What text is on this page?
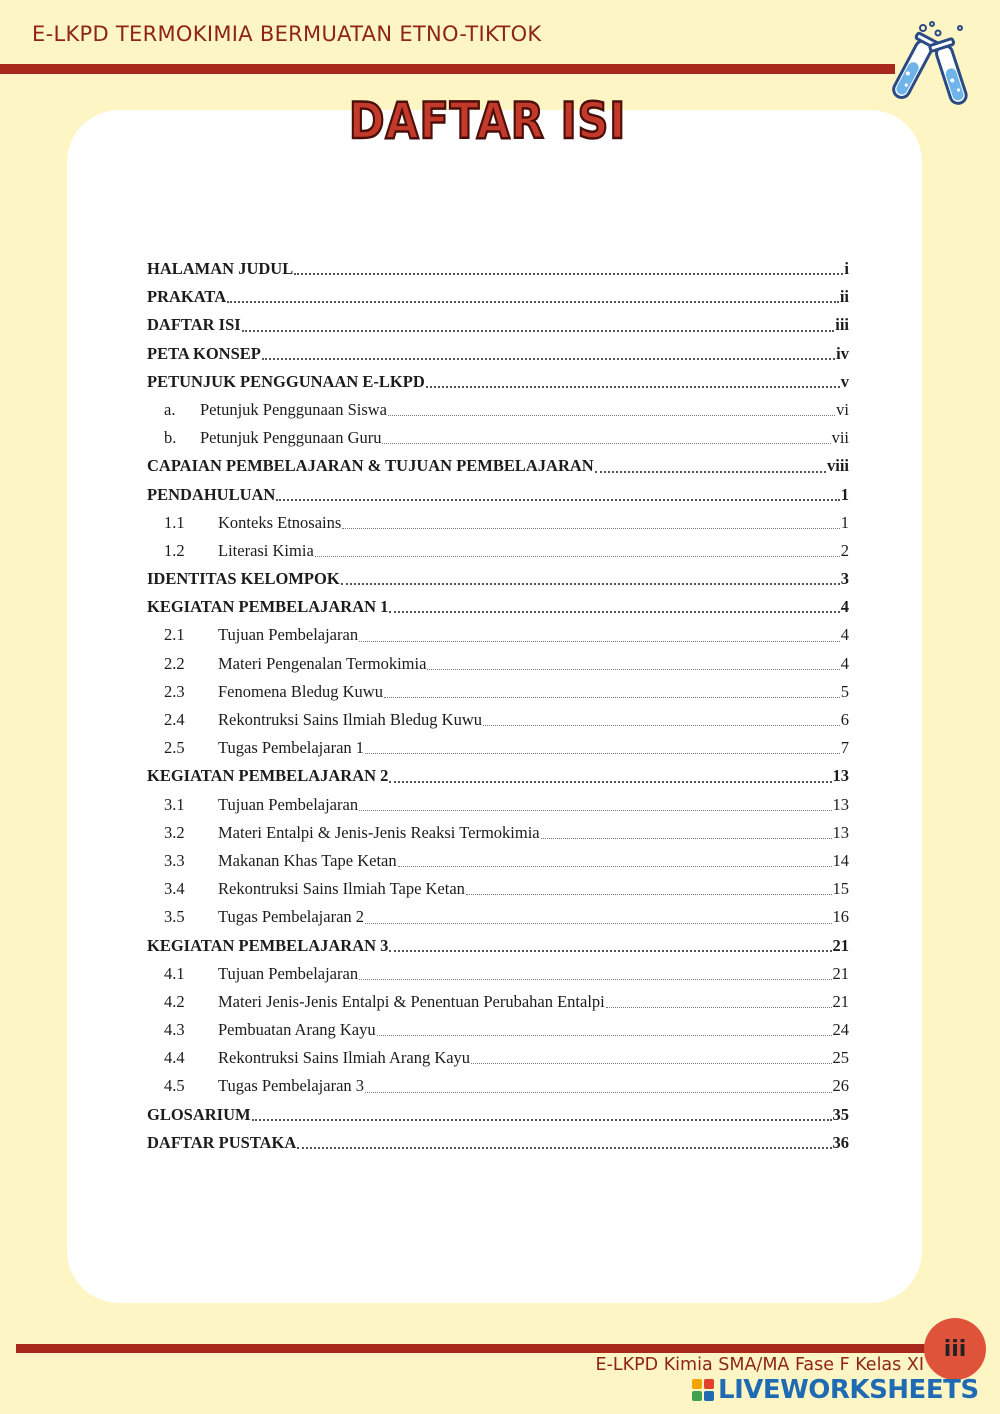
E-LKPD TERMOKIMIA BERMUATAN ETNO-TIKTOK
DAFTAR ISI
HALAMAN JUDUL	i
PRAKATA	ii
DAFTAR ISI	iii
PETA KONSEP	iv
PETUNJUK PENGGUNAAN E-LKPD	v
a.	Petunjuk Penggunaan Siswa	vi
b.	Petunjuk Penggunaan Guru	vii
CAPAIAN PEMBELAJARAN & TUJUAN PEMBELAJARAN	viii
PENDAHULUAN	1
1.1	Konteks Etnosains	1
1.2	Literasi Kimia	2
IDENTITAS KELOMPOK	3
KEGIATAN PEMBELAJARAN 1	4
2.1	Tujuan Pembelajaran	4
2.2	Materi Pengenalan Termokimia	4
2.3	Fenomena Bledug Kuwu	5
2.4	Rekontruksi Sains Ilmiah Bledug Kuwu	6
2.5	Tugas Pembelajaran 1	7
KEGIATAN PEMBELAJARAN 2	13
3.1	Tujuan Pembelajaran	13
3.2	Materi Entalpi & Jenis-Jenis Reaksi Termokimia	13
3.3	Makanan Khas Tape Ketan	14
3.4	Rekontruksi Sains Ilmiah Tape Ketan	15
3.5	Tugas Pembelajaran 2	16
KEGIATAN PEMBELAJARAN 3	21
4.1	Tujuan Pembelajaran	21
4.2	Materi Jenis-Jenis Entalpi & Penentuan Perubahan Entalpi	21
4.3	Pembuatan Arang Kayu	24
4.4	Rekontruksi Sains Ilmiah Arang Kayu	25
4.5	Tugas Pembelajaran 3	26
GLOSARIUM	35
DAFTAR PUSTAKA	36
E-LKPD Kimia SMA/MA Fase F Kelas XI
iii
LIVEWORKSHEETS
